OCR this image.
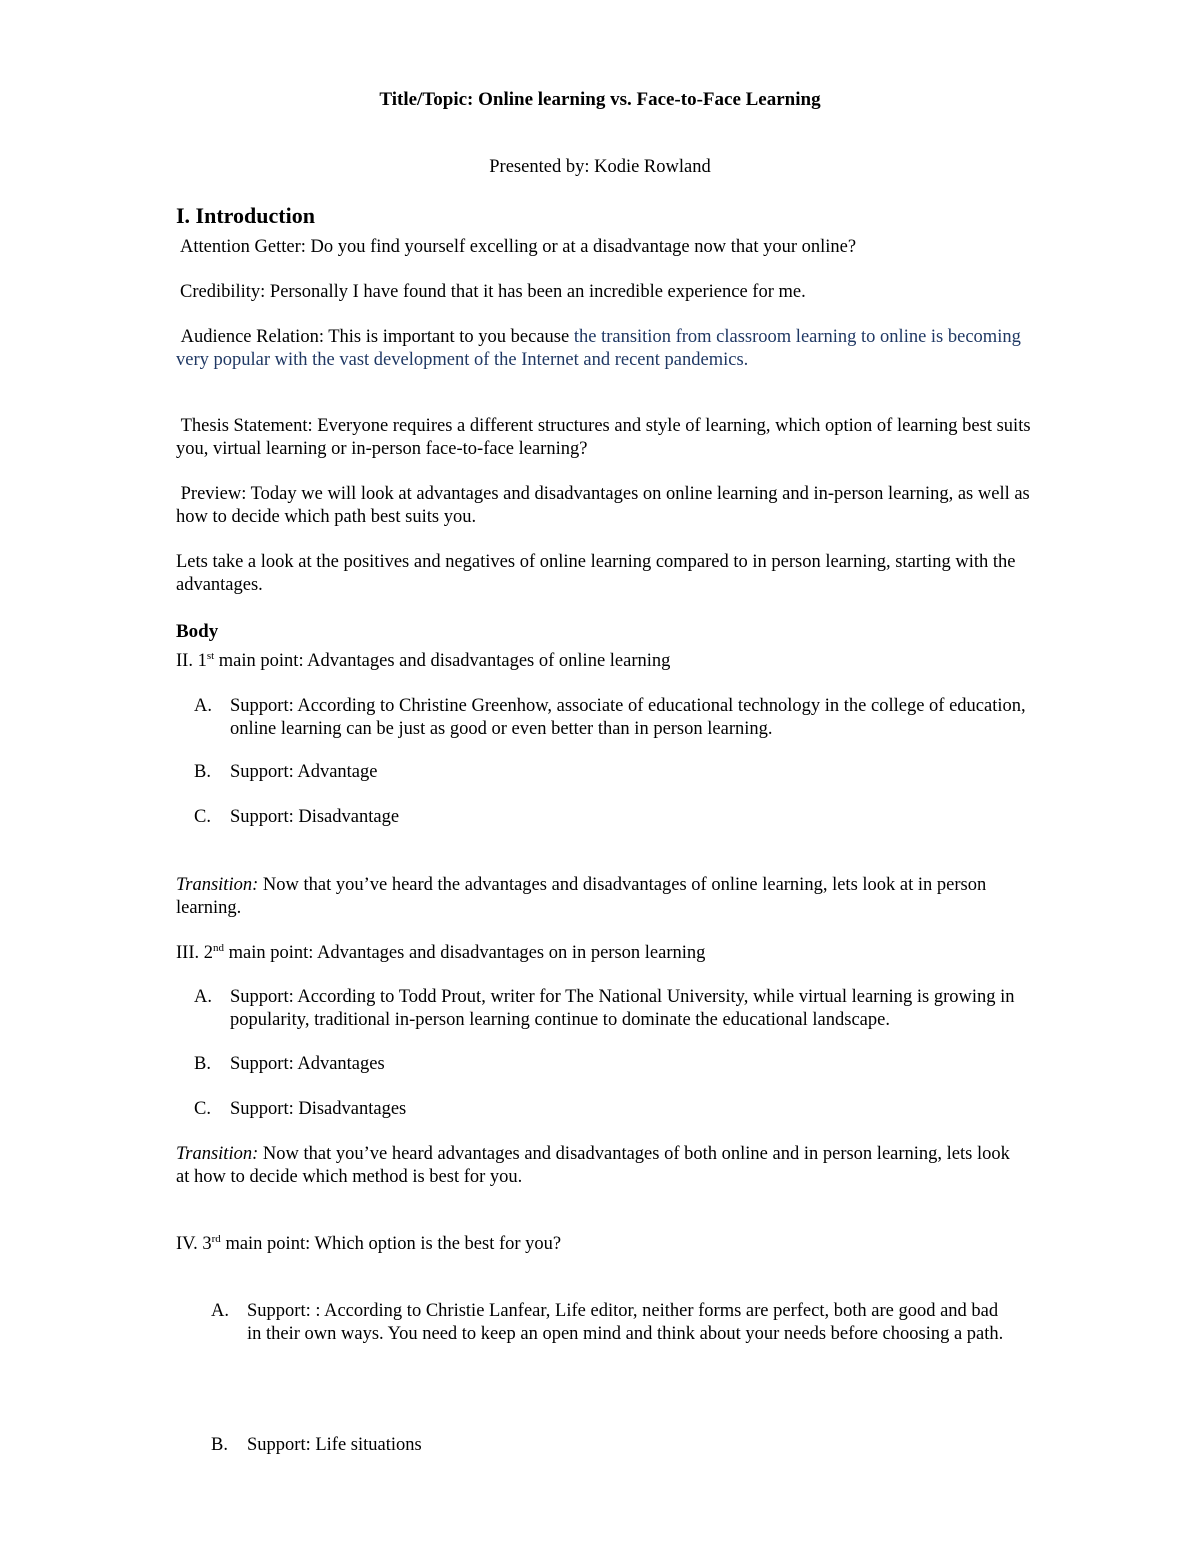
Title/Topic: Online learning vs. Face-to-Face Learning

Presented by: Kodie Rowland

I. Introduction

Attention Getter: Do you find yourself excelling or at a disadvantage now that your online?

Credibility: Personally I have found that it has been an incredible experience for me.

Audience Relation: This is important to you because the transition from classroom learning to online is becoming very popular with the vast development of the Internet and recent pandemics.

Thesis Statement: Everyone requires a different structures and style of learning, which option of learning best suits you, virtual learning or in-person face-to-face learning?

Preview: Today we will look at advantages and disadvantages on online learning and in-person learning, as well as how to decide which path best suits you.

Lets take a look at the positives and negatives of online learning compared to in person learning, starting with the advantages.

Body

II. 1st main point: Advantages and disadvantages of online learning

A. Support: According to Christine Greenhow, associate of educational technology in the college of education, online learning can be just as good or even better than in person learning.
B. Support: Advantage
C. Support: Disadvantage

Transition: Now that you’ve heard the advantages and disadvantages of online learning, lets look at in person learning.

III. 2nd main point: Advantages and disadvantages on in person learning

A. Support: According to Todd Prout, writer for The National University, while virtual learning is growing in popularity, traditional in-person learning continue to dominate the educational landscape.
B. Support: Advantages
C. Support: Disadvantages

Transition: Now that you’ve heard advantages and disadvantages of both online and in person learning, lets look at how to decide which method is best for you.

IV. 3rd main point: Which option is the best for you?

A. Support: : According to Christie Lanfear, Life editor, neither forms are perfect, both are good and bad in their own ways. You need to keep an open mind and think about your needs before choosing a path.
B. Support: Life situations
